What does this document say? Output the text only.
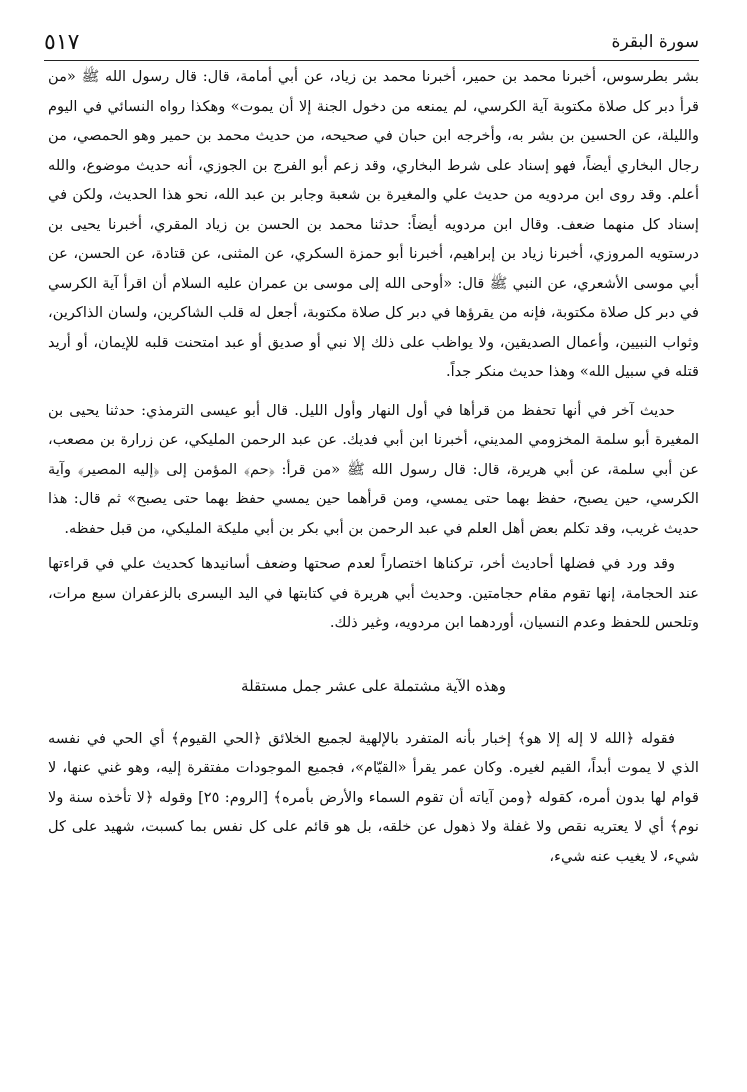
سورة البقرة
٥١٧

بشر بطرسوس، أخبرنا محمد بن حمير، أخبرنا محمد بن زياد، عن أبي أمامة، قال: قال رسول الله ﷺ «من قرأ دبر كل صلاة مكتوبة آية الكرسي، لم يمنعه من دخول الجنة إلا أن يموت» وهكذا رواه النسائي في اليوم والليلة، عن الحسين بن بشر به، وأخرجه ابن حبان في صحيحه، من حديث محمد بن حمير وهو الحمصي، من رجال البخاري أيضاً، فهو إسناد على شرط البخاري، وقد زعم أبو الفرج بن الجوزي، أنه حديث موضوع، والله أعلم. وقد روى ابن مردويه من حديث علي والمغيرة بن شعبة وجابر بن عبد الله، نحو هذا الحديث، ولكن في إسناد كل منهما ضعف. وقال ابن مردويه أيضاً: حدثنا محمد بن الحسن بن زياد المقري، أخبرنا يحيى بن درستويه المروزي، أخبرنا زياد بن إبراهيم، أخبرنا أبو حمزة السكري، عن المثنى، عن قتادة، عن الحسن، عن أبي موسى الأشعري، عن النبي ﷺ قال: «أوحى الله إلى موسى بن عمران عليه السلام أن اقرأ آية الكرسي في دبر كل صلاة مكتوبة، فإنه من يقرؤها في دبر كل صلاة مكتوبة، أجعل له قلب الشاكرين، ولسان الذاكرين، وثواب النبيين، وأعمال الصديقين، ولا يواظب على ذلك إلا نبي أو صديق أو عبد امتحنت قلبه للإيمان، أو أريد قتله في سبيل الله» وهذا حديث منكر جداً.

حديث آخر في أنها تحفظ من قرأها في أول النهار وأول الليل. قال أبو عيسى الترمذي: حدثنا يحيى بن المغيرة أبو سلمة المخزومي المديني، أخبرنا ابن أبي فديك. عن عبد الرحمن المليكي، عن زرارة بن مصعب، عن أبي سلمة، عن أبي هريرة، قال: قال رسول الله ﷺ «من قرأ: ﴿حم﴾ المؤمن إلى ﴿إليه المصير﴾ وآية الكرسي، حين يصبح، حفظ بهما حتى يمسي، ومن قرأهما حين يمسي حفظ بهما حتى يصبح» ثم قال: هذا حديث غريب، وقد تكلم بعض أهل العلم في عبد الرحمن بن أبي بكر بن أبي مليكة المليكي، من قبل حفظه.

وقد ورد في فضلها أحاديث أخر، تركناها اختصاراً لعدم صحتها وضعف أسانيدها كحديث علي في قراءتها عند الحجامة، إنها تقوم مقام حجامتين. وحديث أبي هريرة في كتابتها في اليد اليسرى بالزعفران سبع مرات، وتلحس للحفظ وعدم النسيان، أوردهما ابن مردويه، وغير ذلك.

وهذه الآية مشتملة على عشر جمل مستقلة

فقوله ﴿الله لا إله إلا هو﴾ إخبار بأنه المتفرد بالإلهية لجميع الخلائق ﴿الحي القيوم﴾ أي الحي في نفسه الذي لا يموت أبداً، القيم لغيره. وكان عمر يقرأ «القيّام»، فجميع الموجودات مفتقرة إليه، وهو غني عنها، لا قوام لها بدون أمره، كقوله ﴿ومن آياته أن تقوم السماء والأرض بأمره﴾ [الروم: ٢٥] وقوله ﴿لا تأخذه سنة ولا نوم﴾ أي لا يعتريه نقص ولا غفلة ولا ذهول عن خلقه، بل هو قائم على كل نفس بما كسبت، شهيد على كل شيء، لا يغيب عنه شيء،
